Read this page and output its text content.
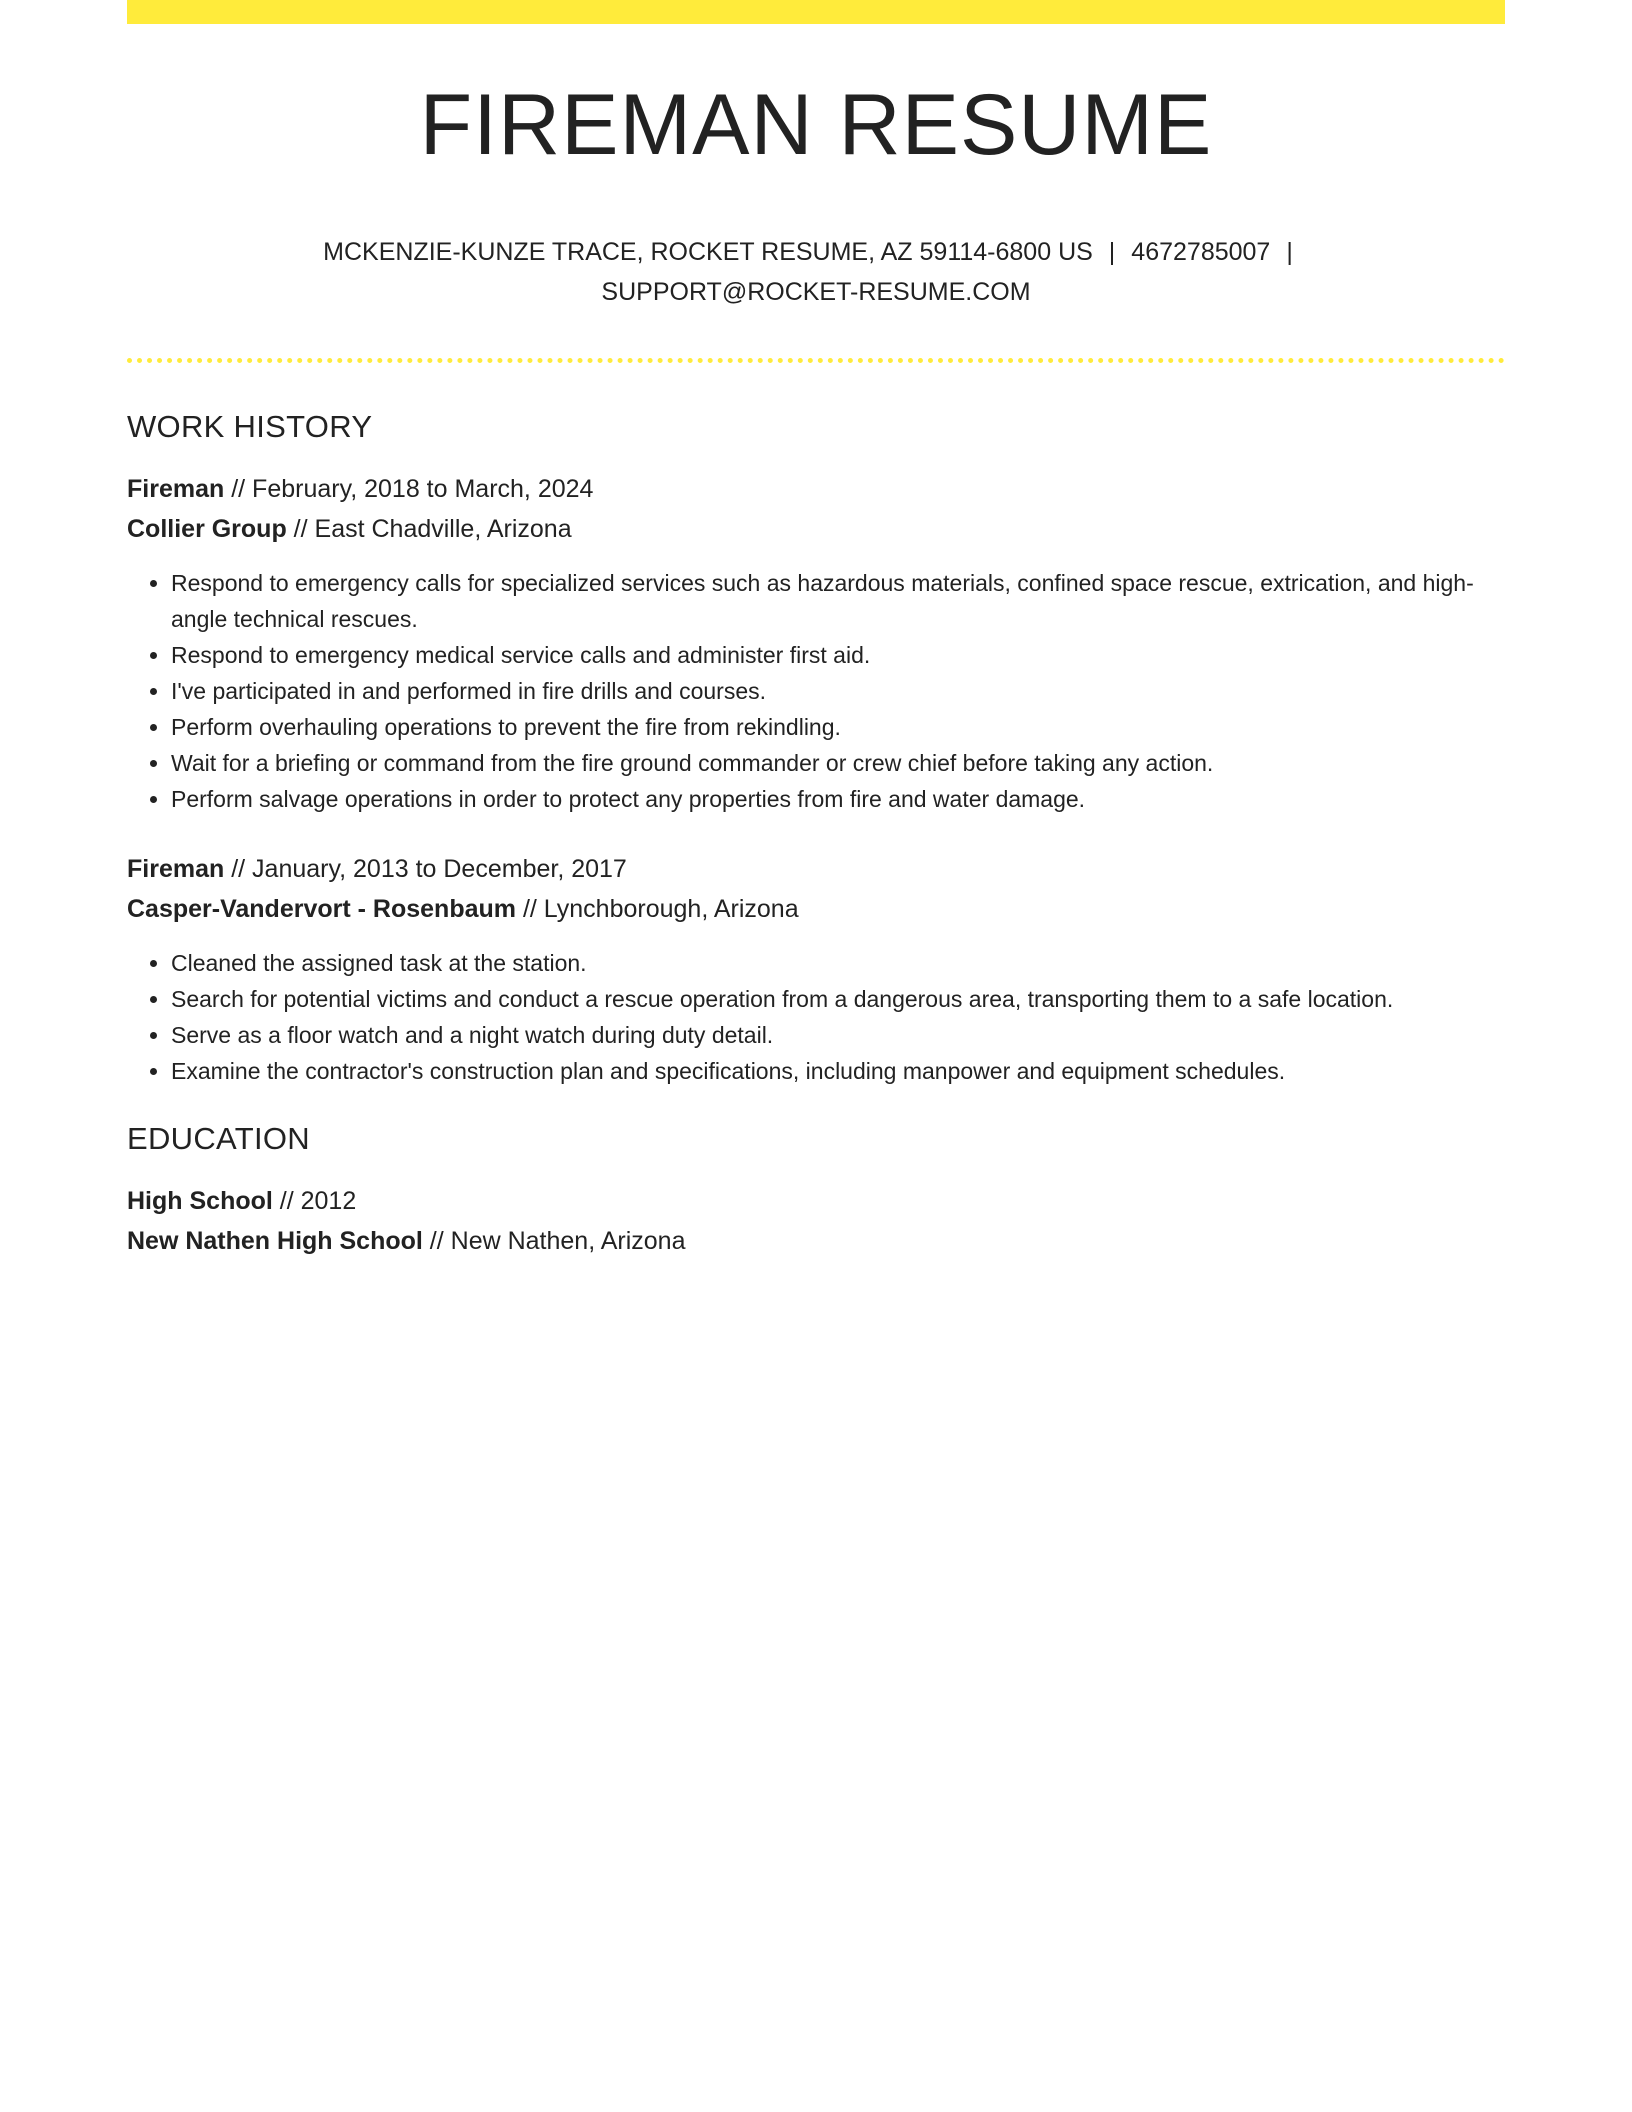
FIREMAN RESUME
MCKENZIE-KUNZE TRACE, ROCKET RESUME, AZ 59114-6800 US | 4672785007 |
SUPPORT@ROCKET-RESUME.COM
WORK HISTORY
Fireman // February, 2018 to March, 2024
Collier Group // East Chadville, Arizona
• Respond to emergency calls for specialized services such as hazardous materials, confined space rescue, extrication, and high-angle technical rescues.
• Respond to emergency medical service calls and administer first aid.
• I've participated in and performed in fire drills and courses.
• Perform overhauling operations to prevent the fire from rekindling.
• Wait for a briefing or command from the fire ground commander or crew chief before taking any action.
• Perform salvage operations in order to protect any properties from fire and water damage.
Fireman // January, 2013 to December, 2017
Casper-Vandervort - Rosenbaum // Lynchborough, Arizona
• Cleaned the assigned task at the station.
• Search for potential victims and conduct a rescue operation from a dangerous area, transporting them to a safe location.
• Serve as a floor watch and a night watch during duty detail.
• Examine the contractor's construction plan and specifications, including manpower and equipment schedules.
EDUCATION
High School // 2012
New Nathen High School // New Nathen, Arizona
